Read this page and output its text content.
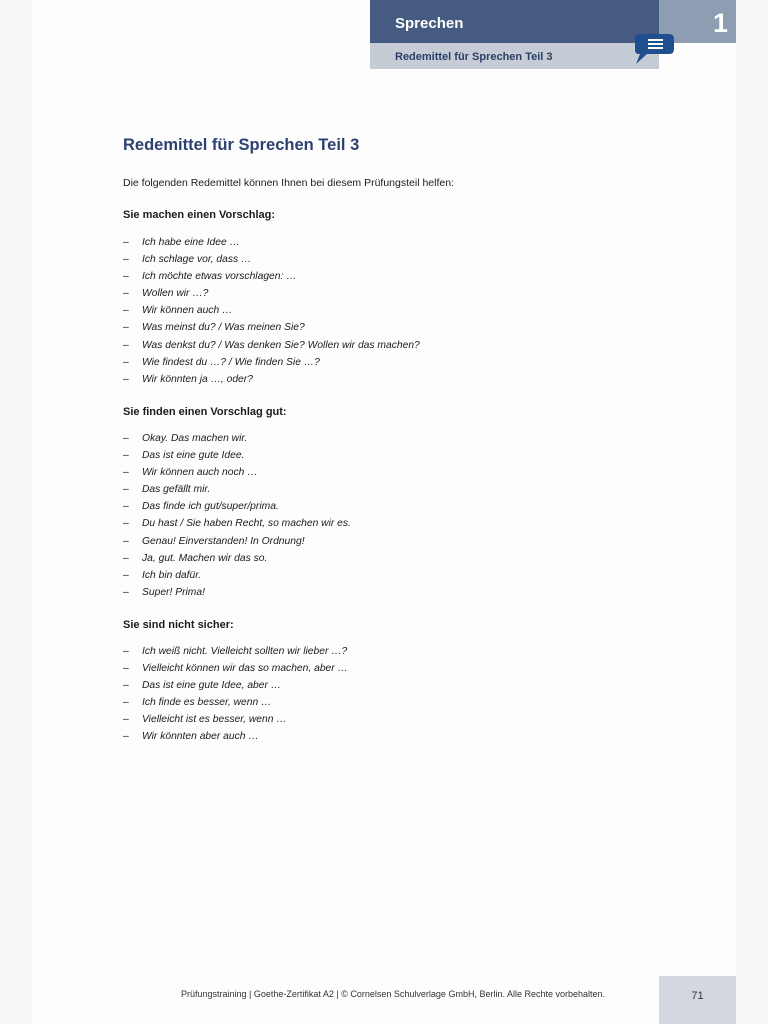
Sprechen
Redemittel für Sprechen Teil 3
1
Redemittel für Sprechen Teil 3
Die folgenden Redemittel können Ihnen bei diesem Prüfungsteil helfen:
Sie machen einen Vorschlag:
– Ich habe eine Idee …
– Ich schlage vor, dass …
– Ich möchte etwas vorschlagen: …
– Wollen wir …?
– Wir können auch …
– Was meinst du? / Was meinen Sie?
– Was denkst du? / Was denken Sie? Wollen wir das machen?
– Wie findest du …? / Wie finden Sie …?
– Wir könnten ja …, oder?
Sie finden einen Vorschlag gut:
– Okay. Das machen wir.
– Das ist eine gute Idee.
– Wir können auch noch …
– Das gefällt mir.
– Das finde ich gut/super/prima.
– Du hast / Sie haben Recht, so machen wir es.
– Genau! Einverstanden! In Ordnung!
– Ja, gut. Machen wir das so.
– Ich bin dafür.
– Super! Prima!
Sie sind nicht sicher:
– Ich weiß nicht. Vielleicht sollten wir lieber …?
– Vielleicht können wir das so machen, aber …
– Das ist eine gute Idee, aber …
– Ich finde es besser, wenn …
– Vielleicht ist es besser, wenn …
– Wir könnten aber auch …
Prüfungstraining | Goethe-Zertifikat A2 | © Cornelsen Schulverlage GmbH, Berlin. Alle Rechte vorbehalten.	71
